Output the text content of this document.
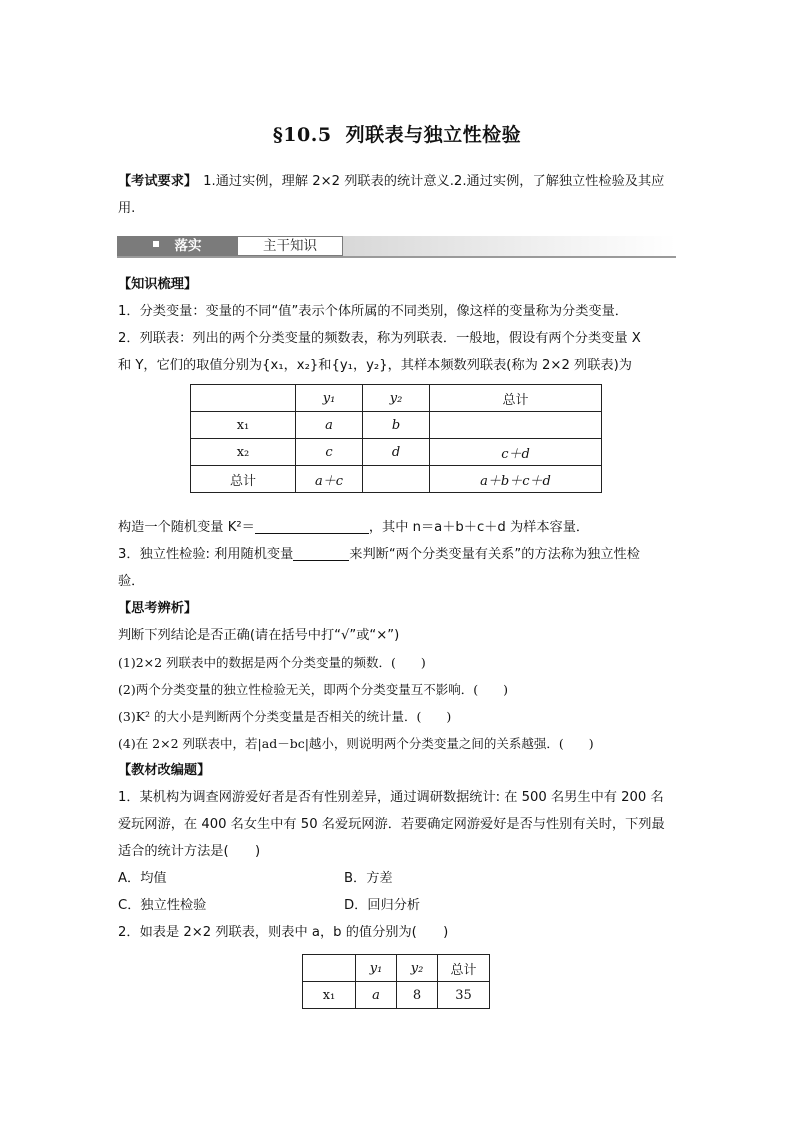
§10.5 列联表与独立性检验
【考试要求】 1.通过实例，理解 2×2 列联表的统计意义.2.通过实例，了解独立性检验及其应用.
落实	主干知识
【知识梳理】
1．分类变量：变量的不同“值”表示个体所属的不同类别，像这样的变量称为分类变量．
2．列联表：列出的两个分类变量的频数表，称为列联表．一般地，假设有两个分类变量 X
和 Y，它们的取值分别为{x₁，x₂}和{y₁，y₂}，其样本频数列联表(称为 2×2 列联表)为
	y₁	y₂	总计
x₁	a	b	
x₂	c	d	c＋d
总计	a＋c		a＋b＋c＋d
构造一个随机变量 K²＝	，其中 n＝a＋b＋c＋d 为样本容量．
3．独立性检验: 利用随机变量	来判断“两个分类变量有关系”的方法称为独立性检
验．
【思考辨析】
判断下列结论是否正确(请在括号中打“√”或“×”)
(1)2×2 列联表中的数据是两个分类变量的频数．(　　)
(2)两个分类变量的独立性检验无关，即两个分类变量互不影响．(　　)
(3)K² 的大小是判断两个分类变量是否相关的统计量．(　　)
(4)在 2×2 列联表中，若|ad－bc|越小，则说明两个分类变量之间的关系越强．(　　)
【教材改编题】
1．某机构为调查网游爱好者是否有性别差异，通过调研数据统计: 在 500 名男生中有 200 名
爱玩网游，在 400 名女生中有 50 名爱玩网游．若要确定网游爱好是否与性别有关时，下列最
适合的统计方法是(　　)
A．均值	B．方差
C．独立性检验	D．回归分析
2．如表是 2×2 列联表，则表中 a，b 的值分别为(　　)
	y₁	y₂	总计
x₁	a	8	35
